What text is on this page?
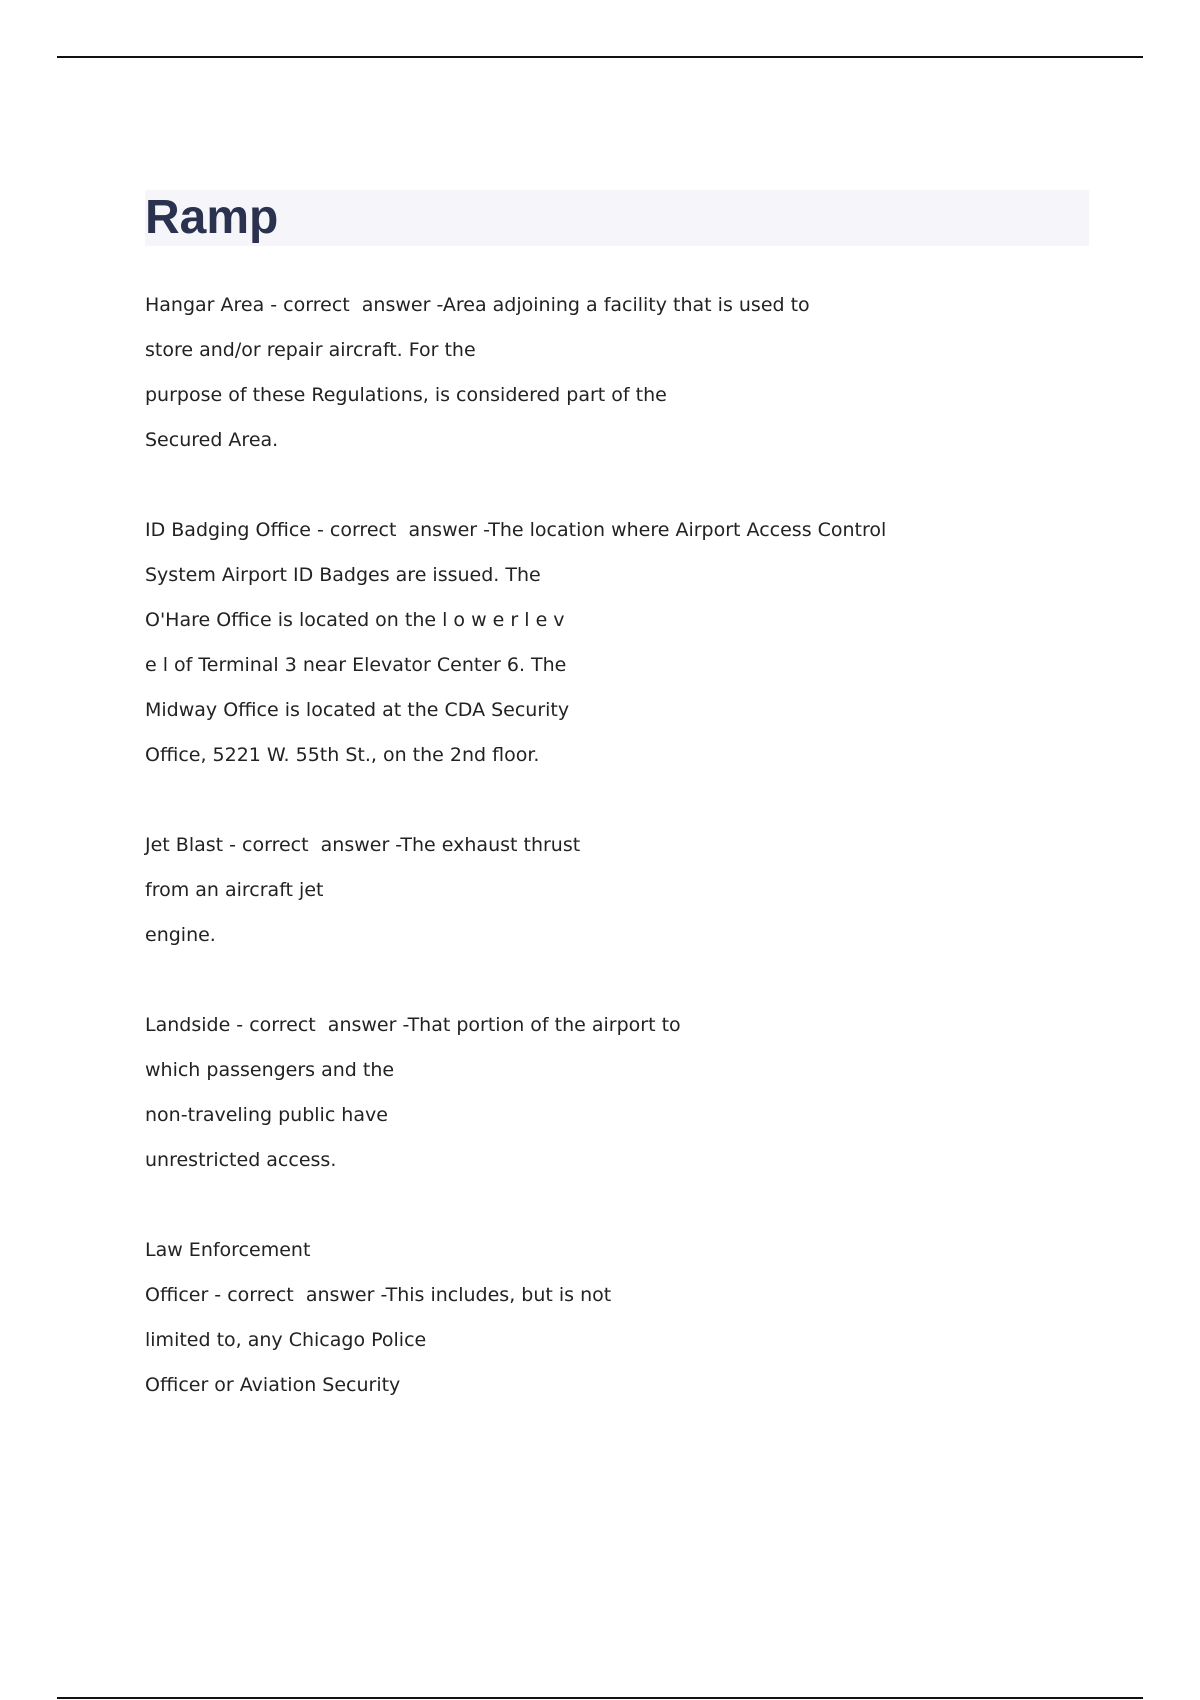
Ramp
Hangar Area - correct  answer -Area adjoining a facility that is used to
store and/or repair aircraft. For the
purpose of these Regulations, is considered part of the
Secured Area.
ID Badging Office - correct  answer -The location where Airport Access Control
System Airport ID Badges are issued. The
O'Hare Office is located on the l o w e r l e v
e l of Terminal 3 near Elevator Center 6. The
Midway Office is located at the CDA Security
Office, 5221 W. 55th St., on the 2nd floor.
Jet Blast - correct  answer -The exhaust thrust
from an aircraft jet
engine.
Landside - correct  answer -That portion of the airport to
which passengers and the
non-traveling public have
unrestricted access.
Law Enforcement
Officer - correct  answer -This includes, but is not
limited to, any Chicago Police
Officer or Aviation Security
